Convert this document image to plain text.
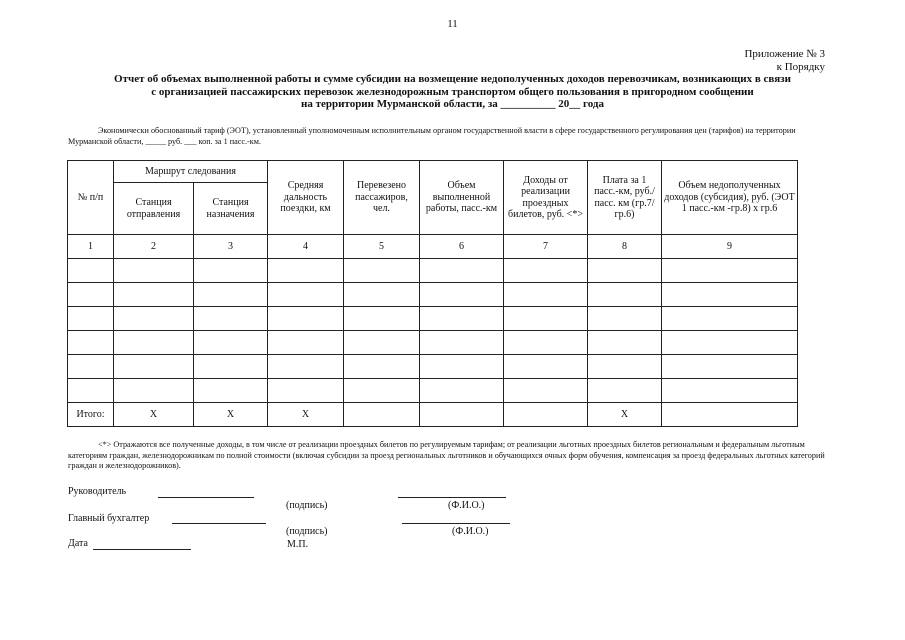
11
Приложение № 3
к Порядку
Отчет об объемах выполненной работы и сумме субсидии на возмещение недополученных доходов перевозчикам, возникающих в связи
с организацией пассажирских перевозок железнодорожным транспортом общего пользования в пригородном сообщении
на территории Мурманской области, за __________ 20__ года
Экономически обоснованный тариф (ЭОТ), установленный уполномоченным исполнительным органом государственной власти в сфере государственного регулирования цен (тарифов) на территории Мурманской области, _____ руб. ___ коп. за 1 пасс.-км.
№ п/п	Маршрут следования		Средняя дальность поездки, км	Перевезено пассажиров, чел.	Объем выполненной работы, пасс.-км	Доходы от реализации проездных билетов, руб. <*>	Плата за 1 пасс.-км, руб./пасс. км (гр.7/гр.6)	Объем недополученных доходов (субсидия), руб. (ЭОТ 1 пасс.-км -гр.8) x гр.6
	Станция отправления	Станция назначения						
1	2	3	4	5	6	7	8	9

Итого:	X	X	X				X	
<*> Отражаются все полученные доходы, в том числе от реализации проездных билетов по регулируемым тарифам; от реализации льготных проездных билетов региональным и федеральным льготным категориям граждан, железнодорожникам по полной стоимости (включая субсидии за проезд региональных льготников и обучающихся очных форм обучения, компенсация за проезд федеральных льготных категорий граждан и железнодорожников).
Руководитель
(подпись)	(Ф.И.О.)
Главный бухгалтер
(подпись)	(Ф.И.О.)
Дата	М.П.
